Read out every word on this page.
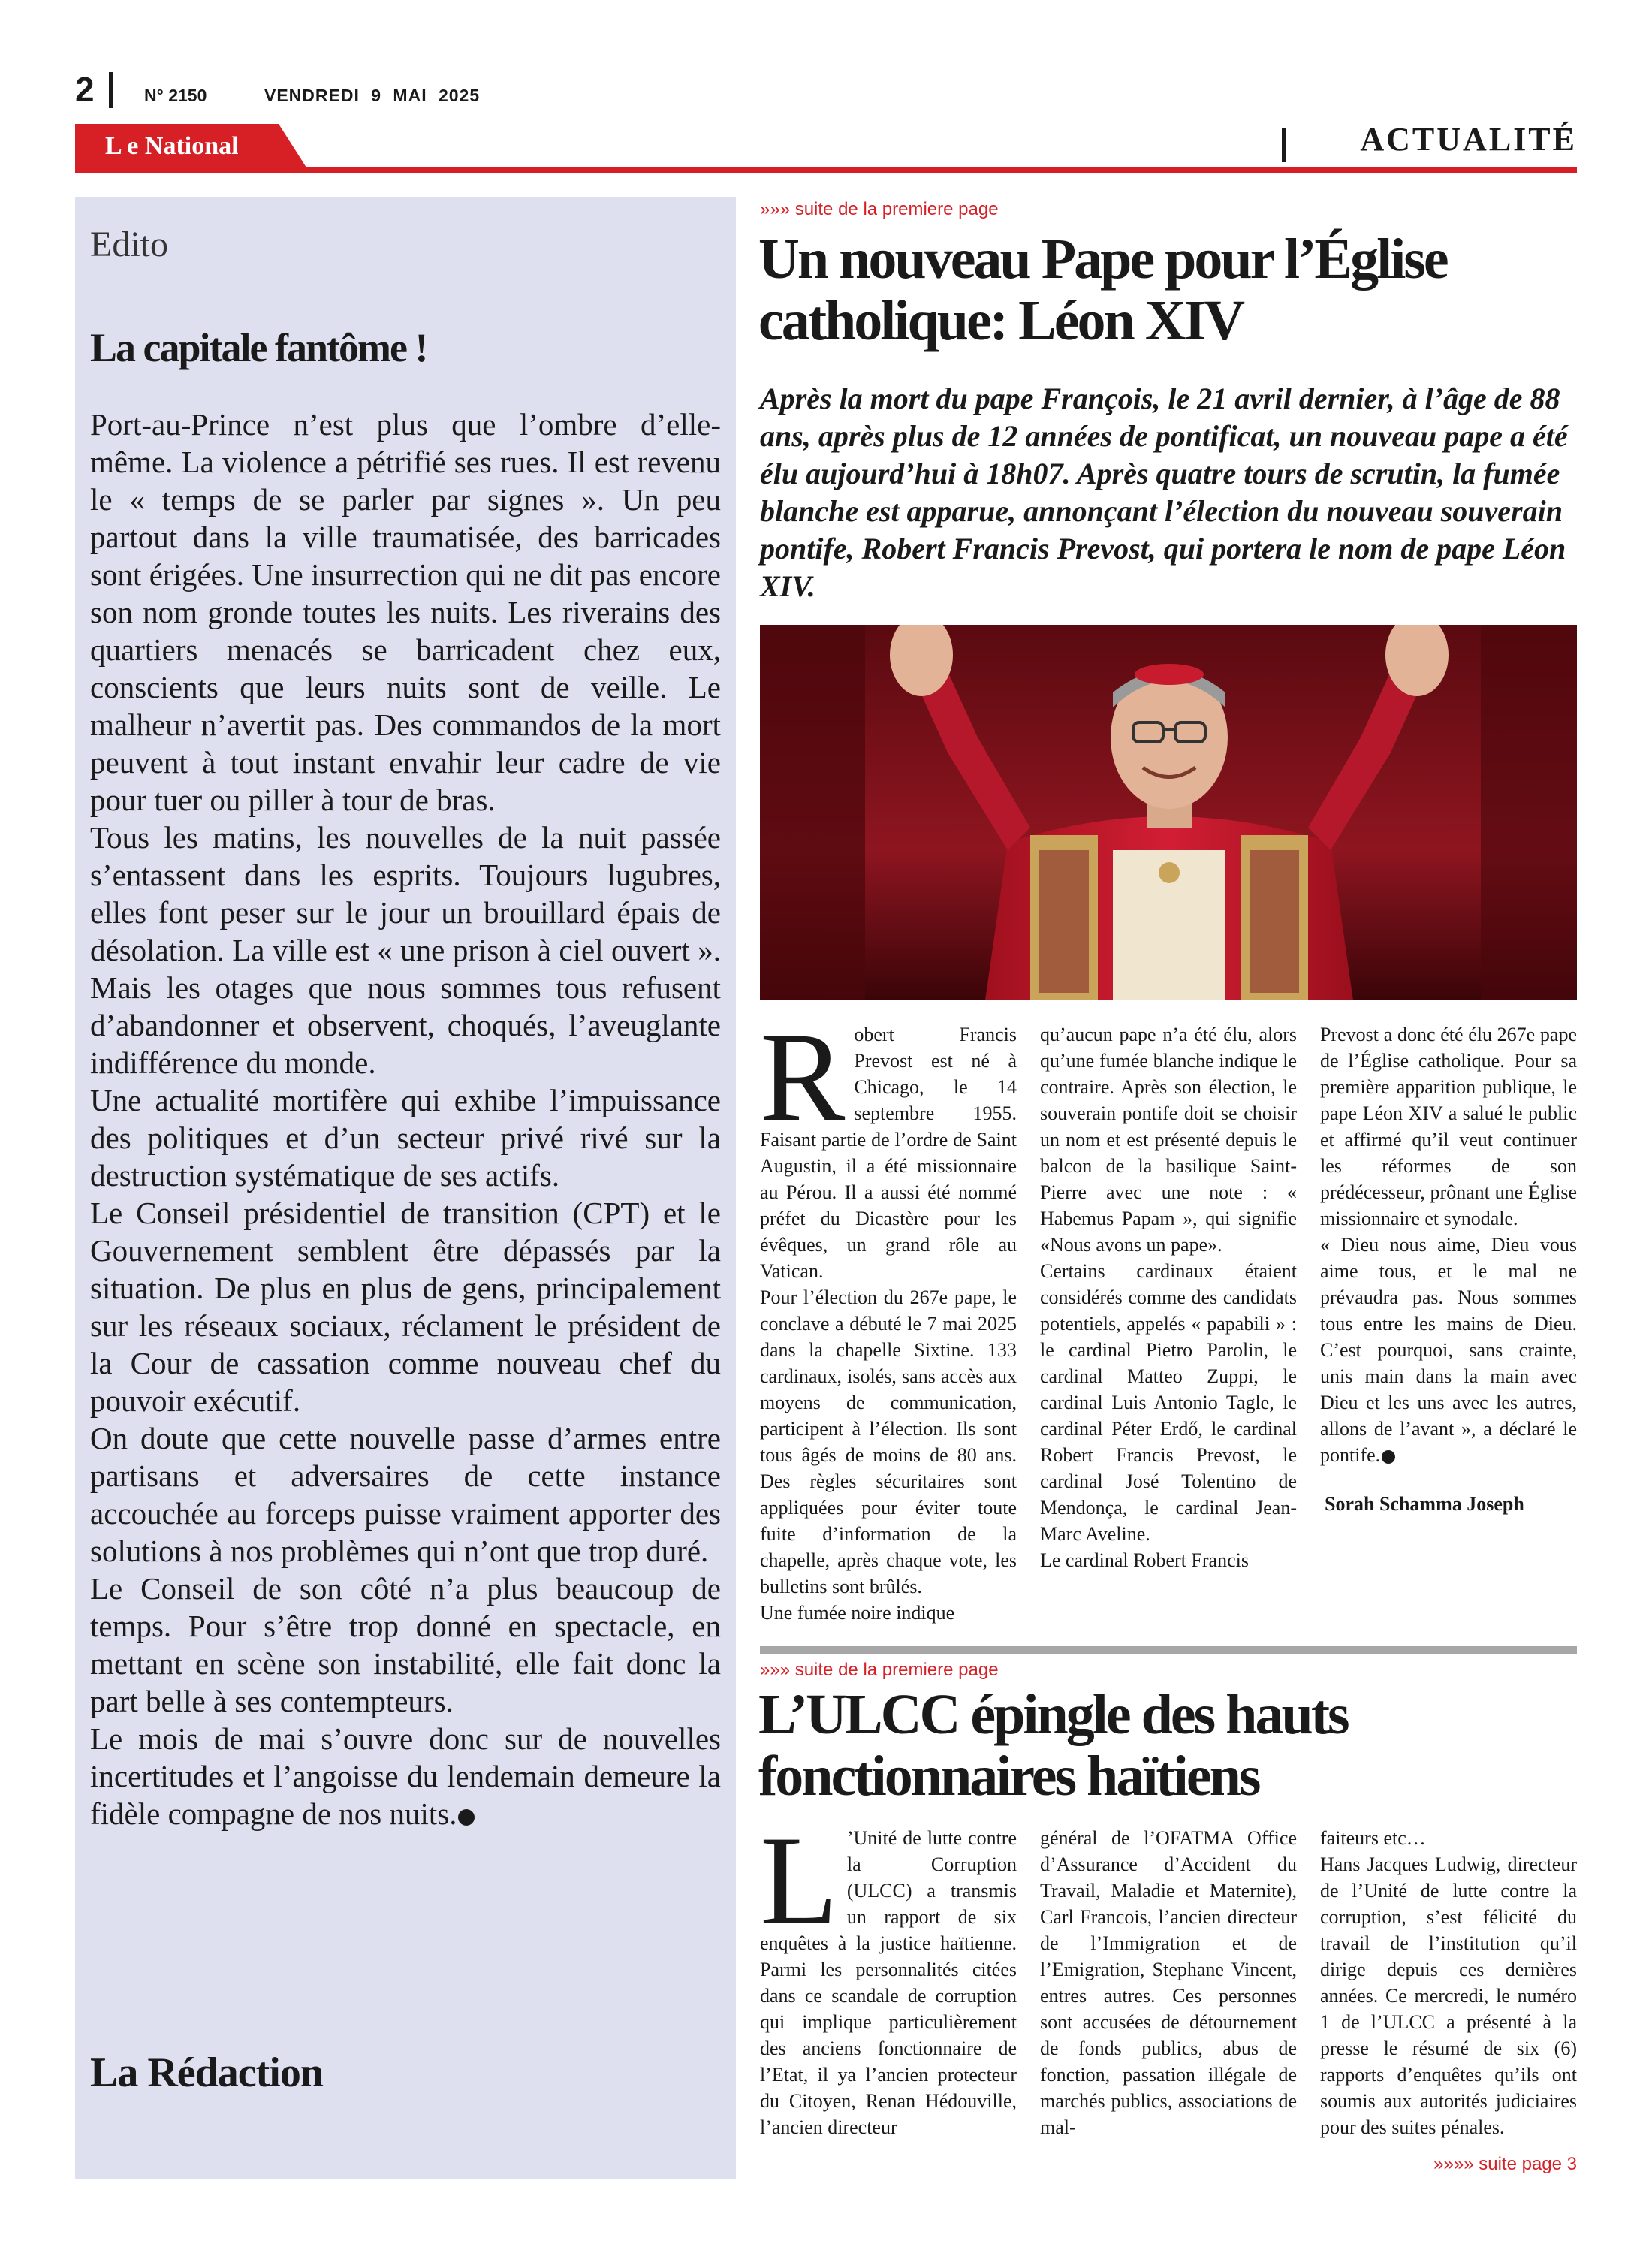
2	N° 2150	VENDREDI 9 MAI 2025
L e National	ACTUALITÉ
Edito
La capitale fantôme !

Port-au-Prince n’est plus que l’ombre d’elle-même. La violence a pétrifié ses rues. Il est revenu le « temps de se parler par signes ». Un peu partout dans la ville traumatisée, des barricades sont érigées. Une insurrection qui ne dit pas encore son nom gronde toutes les nuits. Les riverains des quartiers menacés se barricadent chez eux, conscients que leurs nuits sont de veille. Le malheur n’avertit pas. Des commandos de la mort peuvent à tout instant envahir leur cadre de vie pour tuer ou piller à tour de bras.

Tous les matins, les nouvelles de la nuit passée s’entassent dans les esprits. Toujours lugubres, elles font peser sur le jour un brouillard épais de désolation. La ville est « une prison à ciel ouvert ». Mais les otages que nous sommes tous refusent d’abandonner et observent, choqués, l’aveuglante indifférence du monde.

Une actualité mortifère qui exhibe l’impuissance des politiques et d’un secteur privé rivé sur la destruction systématique de ses actifs.

Le Conseil présidentiel de transition (CPT) et le Gouvernement semblent être dépassés par la situation. De plus en plus de gens, principalement sur les réseaux sociaux, réclament le président de la Cour de cassation comme nouveau chef du pouvoir exécutif.

On doute que cette nouvelle passe d’armes entre partisans et adversaires de cette instance accouchée au forceps puisse vraiment apporter des solutions à nos problèmes qui n’ont que trop duré.

Le Conseil de son côté n’a plus beaucoup de temps. Pour s’être trop donné en spectacle, en mettant en scène son instabilité, elle fait donc la part belle à ses contempteurs.

Le mois de mai s’ouvre donc sur de nouvelles incertitudes et l’angoisse du lendemain demeure la fidèle compagne de nos nuits.

La Rédaction
»»» suite de la premiere page
Un nouveau Pape pour l’Église
catholique: Léon XIV
Après la mort du pape François, le 21 avril dernier, à l’âge de 88 ans, après plus de 12 années de pontificat, un nouveau pape a été élu aujourd’hui à 18h07. Après quatre tours de scrutin, la fumée blanche est apparue, annonçant l’élection du nouveau souverain pontife, Robert Francis Prevost, qui portera le nom de pape Léon XIV.
R obert Francis Prevost est né à Chicago, le 14 septembre 1955. Faisant partie de l’ordre de Saint Augustin, il a été missionnaire au Pérou. Il a aussi été nommé préfet du Dicastère pour les évêques, un grand rôle au Vatican.

Pour l’élection du 267e pape, le conclave a débuté le 7 mai 2025 dans la chapelle Sixtine. 133 cardinaux, isolés, sans accès aux moyens de communication, participent à l’élection. Ils sont tous âgés de moins de 80 ans. Des règles sécuritaires sont appliquées pour éviter toute fuite d’information de la chapelle, après chaque vote, les bulletins sont brûlés.

Une fumée noire indique

qu’aucun pape n’a été élu, alors qu’une fumée blanche indique le contraire. Après son élection, le souverain pontife doit se choisir un nom et est présenté depuis le balcon de la basilique Saint-Pierre avec une note : « Habemus Papam », qui signifie «Nous avons un pape».

Certains cardinaux étaient considérés comme des candidats potentiels, appelés « papabili » : le cardinal Pietro Parolin, le cardinal Matteo Zuppi, le cardinal Luis Antonio Tagle, le cardinal Péter Erdő, le cardinal Robert Francis Prevost, le cardinal José Tolentino de Mendonça, le cardinal Jean-Marc Aveline.

Le cardinal Robert Francis

Prevost a donc été élu 267e pape de l’Église catholique. Pour sa première apparition publique, le pape Léon XIV a salué le public et affirmé qu’il veut continuer les réformes de son prédécesseur, prônant une Église missionnaire et synodale.

« Dieu nous aime, Dieu vous aime tous, et le mal ne prévaudra pas. Nous sommes tous entre les mains de Dieu. C’est pourquoi, sans crainte, unis main dans la main avec Dieu et les uns avec les autres, allons de l’avant », a déclaré le pontife.

Sorah Schamma Joseph

»»» suite de la premiere page
L’ULCC épingle des hauts
fonctionnaires haïtiens
L ’Unité de lutte contre la Corruption (ULCC) a transmis un rapport de six enquêtes à la justice haïtienne. Parmi les personnalités citées dans ce scandale de corruption qui implique particulièrement des anciens fonctionnaire de l’Etat, il ya l’ancien protecteur du Citoyen, Renan Hédouville, l’ancien directeur

général de l’OFATMA Office d’Assurance d’Accident du Travail, Maladie et Maternite), Carl Francois, l’ancien directeur de l’Immigration et de l’Emigration, Stephane Vincent, entres autres. Ces personnes sont accusées de détournement de fonds publics, abus de fonction, passation illégale de marchés publics, associations de mal-

faiteurs etc…

Hans Jacques Ludwig, directeur de l’Unité de lutte contre la corruption, s’est félicité du travail de l’institution qu’il dirige depuis ces dernières années. Ce mercredi, le numéro 1 de l’ULCC a présenté à la presse le résumé de six (6) rapports d’enquêtes qu’ils ont soumis aux autorités judiciaires pour des suites pénales.

»»»» suite page 3
